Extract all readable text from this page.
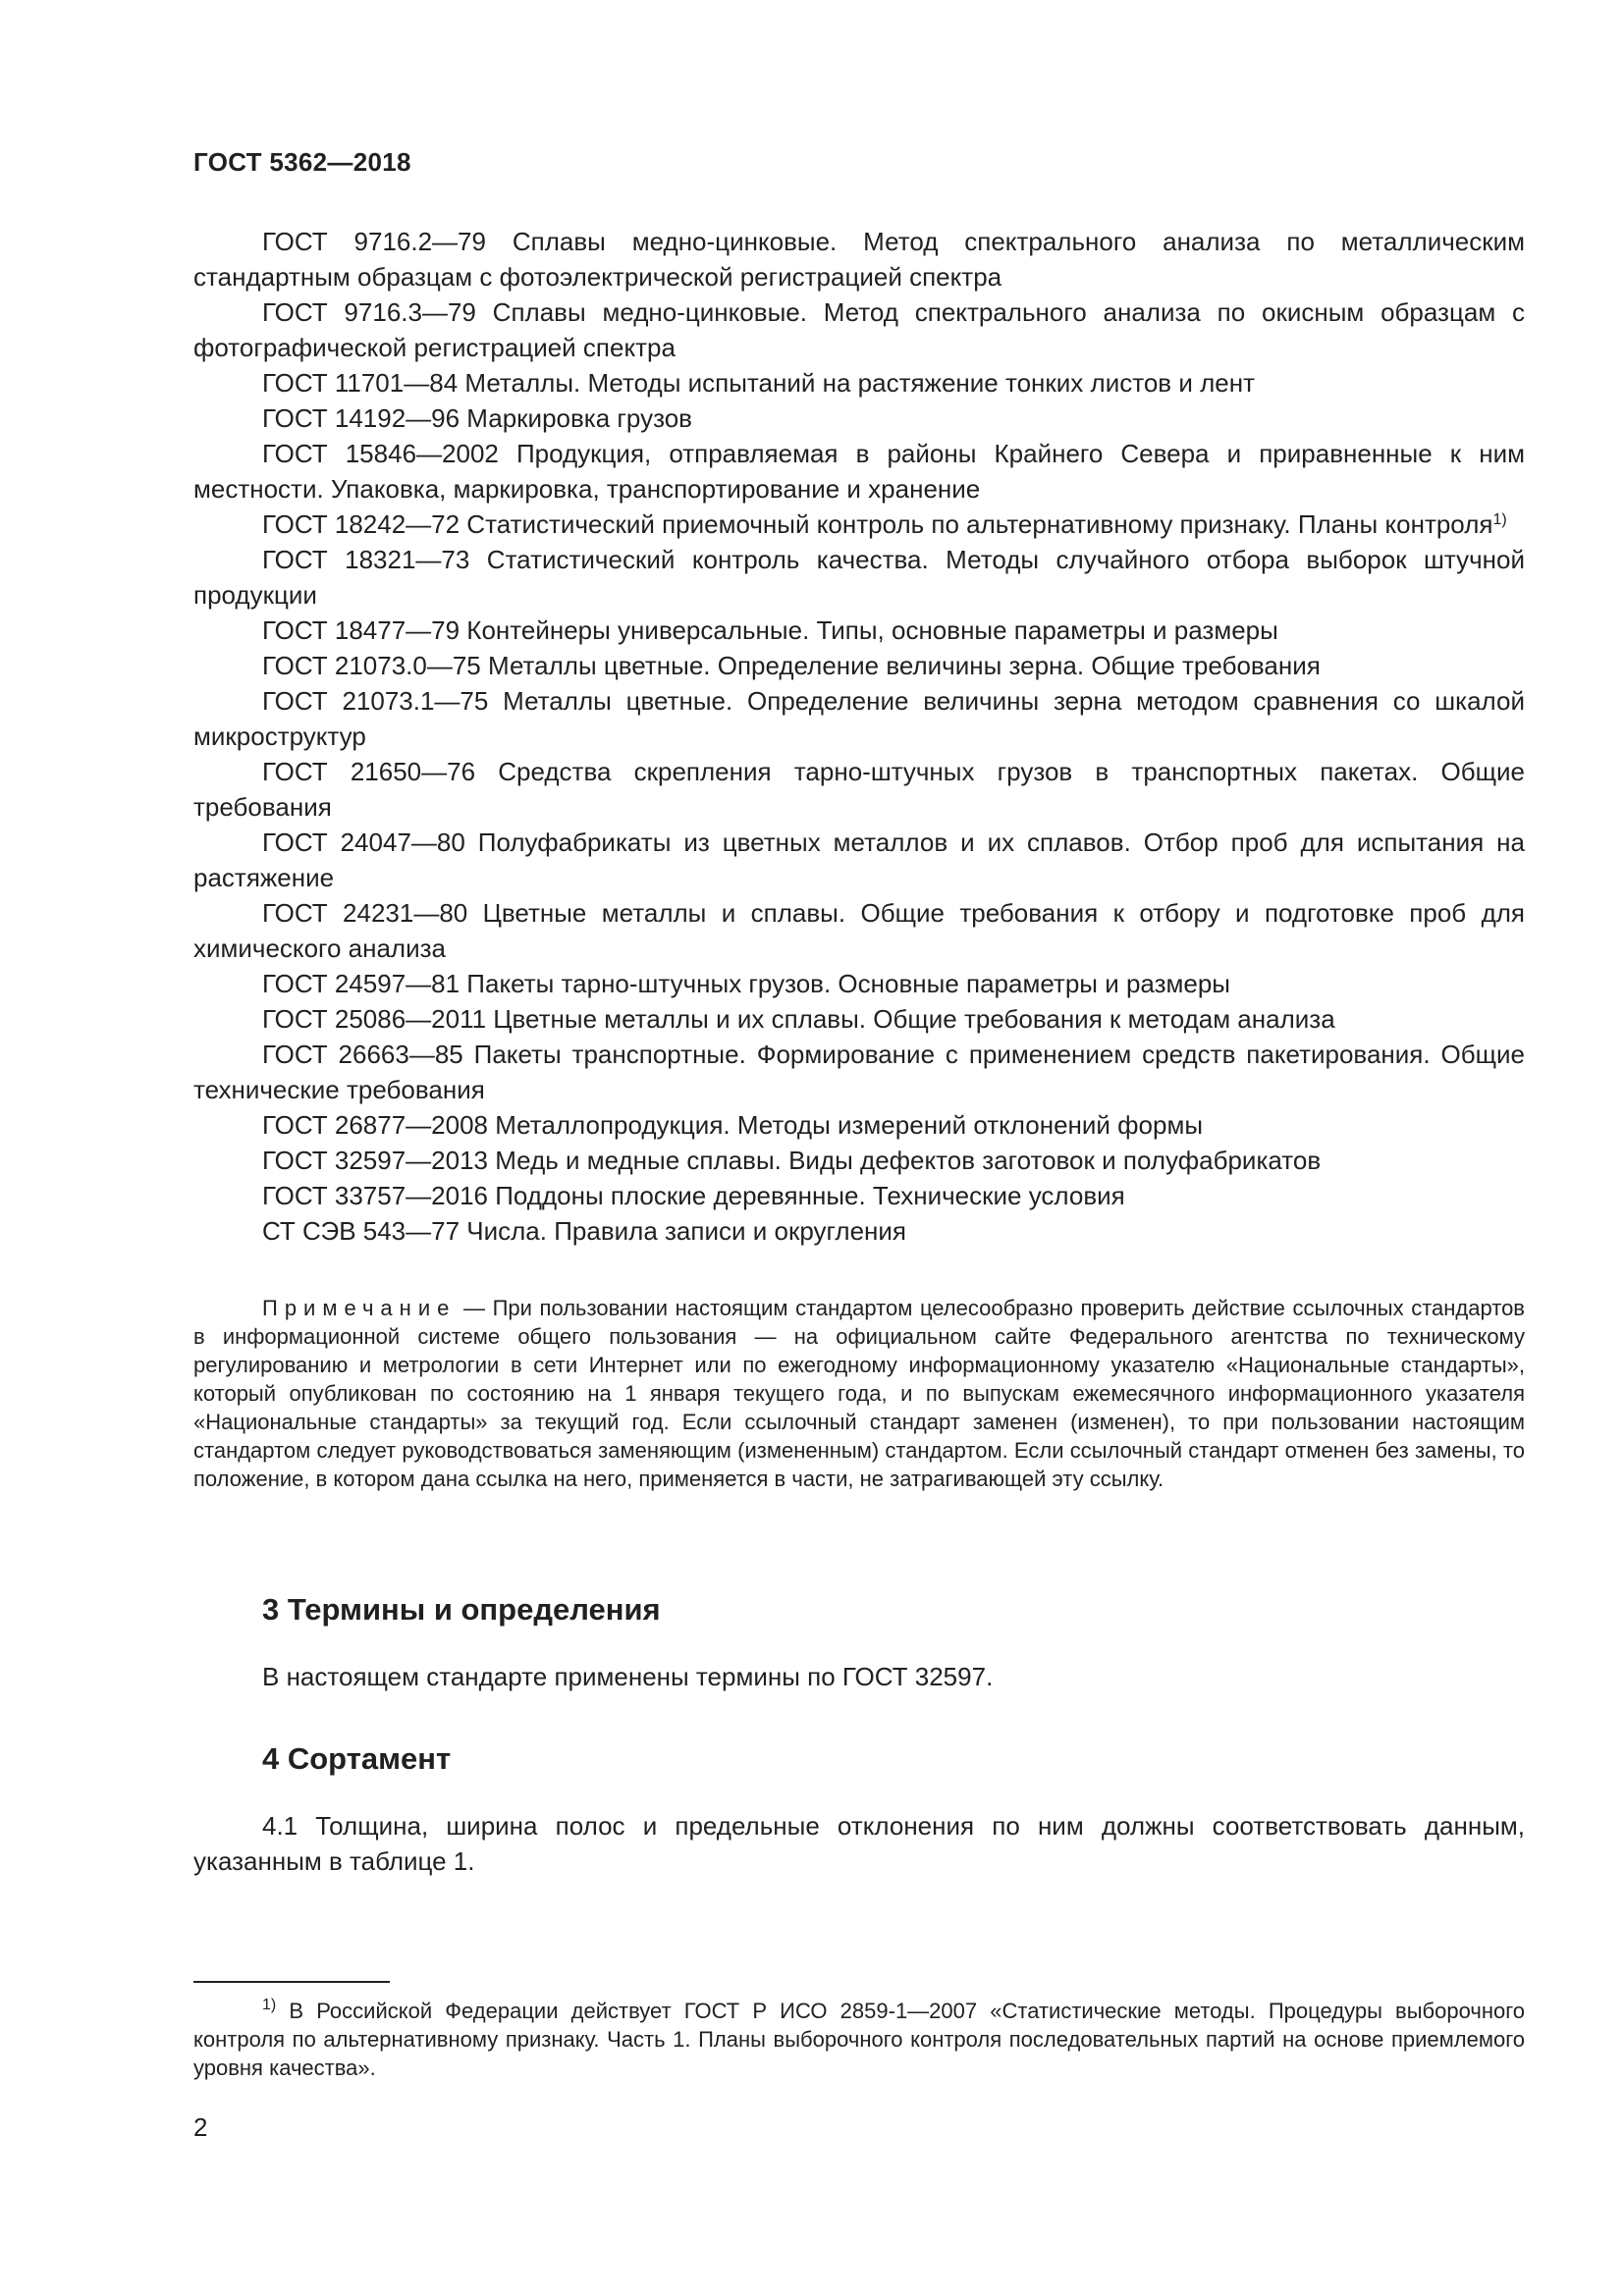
ГОСТ 5362—2018

ГОСТ 9716.2—79 Сплавы медно-цинковые. Метод спектрального анализа по металлическим стандартным образцам с фотоэлектрической регистрацией спектра

ГОСТ 9716.3—79 Сплавы медно-цинковые. Метод спектрального анализа по окисным образцам с фотографической регистрацией спектра

ГОСТ 11701—84 Металлы. Методы испытаний на растяжение тонких листов и лент

ГОСТ 14192—96 Маркировка грузов

ГОСТ 15846—2002 Продукция, отправляемая в районы Крайнего Севера и приравненные к ним местности. Упаковка, маркировка, транспортирование и хранение

ГОСТ 18242—72 Статистический приемочный контроль по альтернативному признаку. Планы контроля$^{1)}$

ГОСТ 18321—73 Статистический контроль качества. Методы случайного отбора выборок штучной продукции

ГОСТ 18477—79 Контейнеры универсальные. Типы, основные параметры и размеры

ГОСТ 21073.0—75 Металлы цветные. Определение величины зерна. Общие требования

ГОСТ 21073.1—75 Металлы цветные. Определение величины зерна методом сравнения со шкалой микроструктур

ГОСТ 21650—76 Средства скрепления тарно-штучных грузов в транспортных пакетах. Общие требования

ГОСТ 24047—80 Полуфабрикаты из цветных металлов и их сплавов. Отбор проб для испытания на растяжение

ГОСТ 24231—80 Цветные металлы и сплавы. Общие требования к отбору и подготовке проб для химического анализа

ГОСТ 24597—81 Пакеты тарно-штучных грузов. Основные параметры и размеры

ГОСТ 25086—2011 Цветные металлы и их сплавы. Общие требования к методам анализа

ГОСТ 26663—85 Пакеты транспортные. Формирование с применением средств пакетирования. Общие технические требования

ГОСТ 26877—2008 Металлопродукция. Методы измерений отклонений формы

ГОСТ 32597—2013 Медь и медные сплавы. Виды дефектов заготовок и полуфабрикатов

ГОСТ 33757—2016 Поддоны плоские деревянные. Технические условия

СТ СЭВ 543—77 Числа. Правила записи и округления

Примечание — При пользовании настоящим стандартом целесообразно проверить действие ссылочных стандартов в информационной системе общего пользования — на официальном сайте Федерального агентства по техническому регулированию и метрологии в сети Интернет или по ежегодному информационному указателю «Национальные стандарты», который опубликован по состоянию на 1 января текущего года, и по выпускам ежемесячного информационного указателя «Национальные стандарты» за текущий год. Если ссылочный стандарт заменен (изменен), то при пользовании настоящим стандартом следует руководствоваться заменяющим (измененным) стандартом. Если ссылочный стандарт отменен без замены, то положение, в котором дана ссылка на него, применяется в части, не затрагивающей эту ссылку.

3 Термины и определения

В настоящем стандарте применены термины по ГОСТ 32597.

4 Сортамент

4.1 Толщина, ширина полос и предельные отклонения по ним должны соответствовать данным, указанным в таблице 1.

$^{1)}$ В Российской Федерации действует ГОСТ Р ИСО 2859-1—2007 «Статистические методы. Процедуры выборочного контроля по альтернативному признаку. Часть 1. Планы выборочного контроля последовательных партий на основе приемлемого уровня качества».

2
